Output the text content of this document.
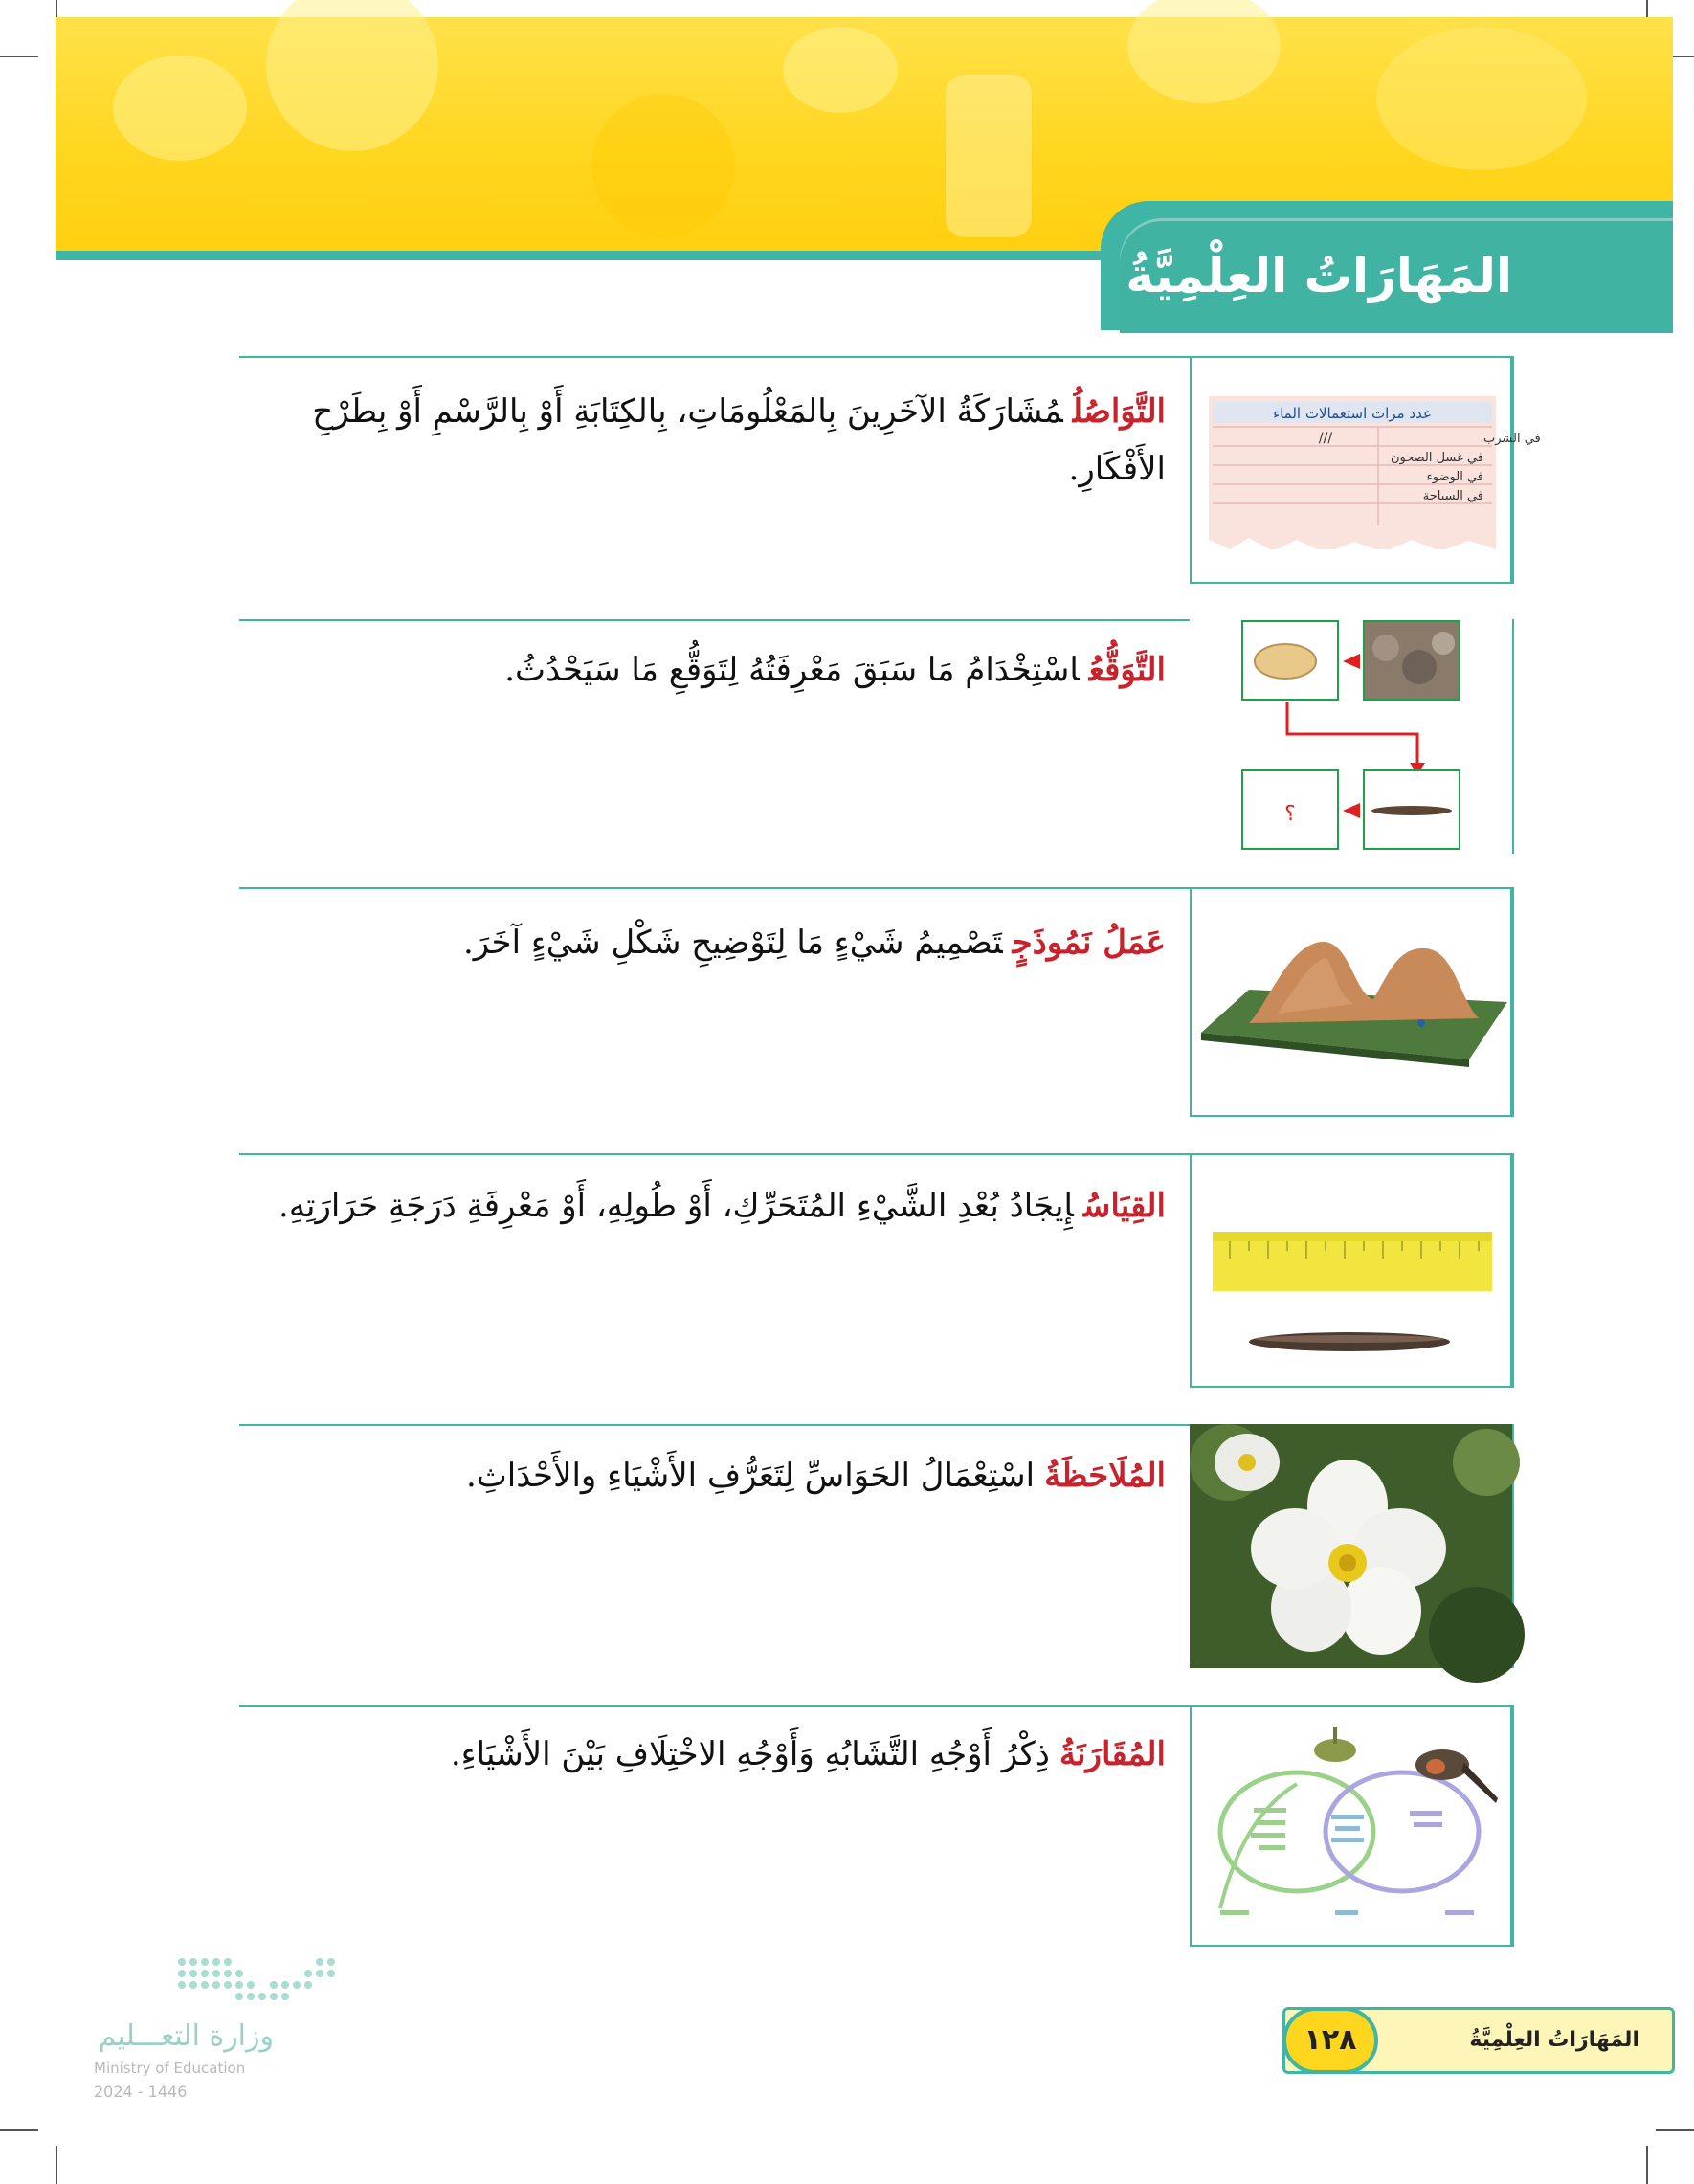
المَهَارَاتُ العِلْمِيَّةُ
التَّوَاصُلُمُشَارَكَةُ الآخَرِينَ بِالمَعْلُومَاتِ، بِالكِتَابَةِ أَوْ بِالرَّسْمِ أَوْ بِطَرْحِ الأَفْكَارِ.
عدد مرات استعمالات الماء
في الشرب
///
في غسل الصحون
في الوضوء
في السباحة
التَّوَقُّعُاسْتِخْدَامُ مَا سَبَقَ مَعْرِفَتُهُ لِتَوَقُّعِ مَا سَيَحْدُثُ.
؟
عَمَلُ نَمُوذَجٍتَصْمِيمُ شَيْءٍ مَا لِتَوْضِيحِ شَكْلِ شَيْءٍ آخَرَ.
القِيَاسُإِيجَادُ بُعْدِ الشَّيْءِ المُتَحَرِّكِ، أَوْ طُولِهِ، أَوْ مَعْرِفَةِ دَرَجَةِ حَرَارَتِهِ.
المُلَاحَظَةُاسْتِعْمَالُ الحَوَاسِّ لِتَعَرُّفِ الأَشْيَاءِ والأَحْدَاثِ.
المُقَارَنَةُذِكْرُ أَوْجُهِ التَّشَابُهِ وَأَوْجُهِ الاخْتِلَافِ بَيْنَ الأَشْيَاءِ.
المَهَارَاتُ العِلْمِيَّةُ
١٢٨
وزارة التعـــليم
Ministry of Education
2024 - 1446
